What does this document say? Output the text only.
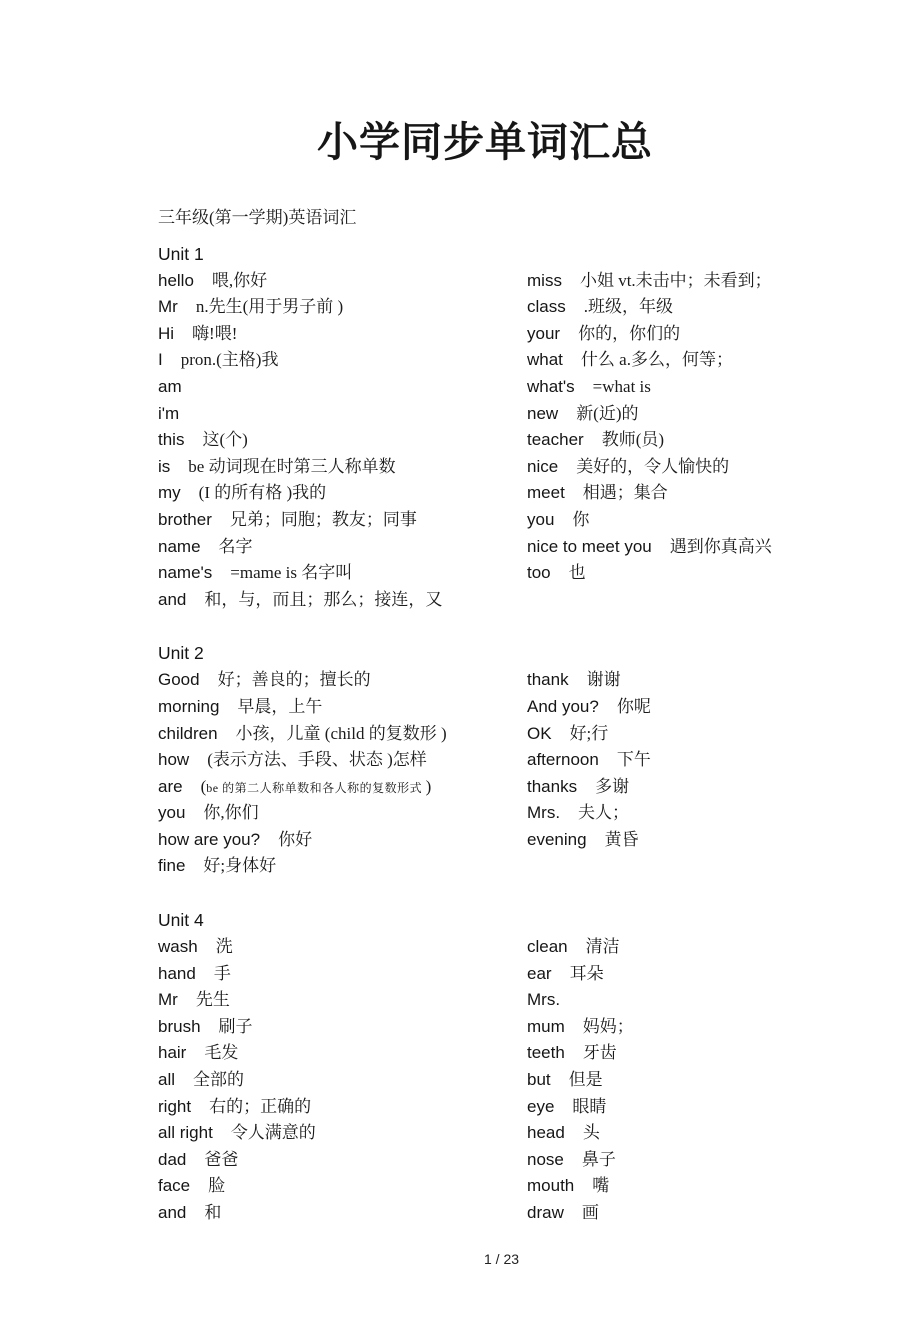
小学同步单词汇总
三年级(第一学期)英语词汇
Unit 1
hello 喂,你好
Mr n.先生(用于男子前 )
Hi 嗨!喂!
I pron.(主格)我
am
i'm
this 这(个)
is be 动词现在时第三人称单数
my (I 的所有格 )我的
brother 兄弟；同胞；教友；同事
name 名字
name's =mame is 名字叫
and 和，与，而且；那么；接连，又
miss 小姐 vt.未击中；未看到；
class .班级，年级
your 你的，你们的
what 什么 a.多么，何等；
what's =what is
new 新(近)的
teacher 教师(员)
nice 美好的，令人愉快的
meet 相遇；集合
you 你
nice to meet you 遇到你真高兴
too 也
Unit 2
Good 好；善良的；擅长的
morning 早晨，上午
children 小孩，儿童 (child 的复数形 )
how (表示方法、手段、状态 )怎样
are (be 的第二人称单数和各人称的复数形式 )
you 你,你们
how are you? 你好
fine 好;身体好
thank 谢谢
And you? 你呢
OK 好;行
afternoon 下午
thanks 多谢
Mrs. 夫人；
evening 黄昏
Unit 4
wash 洗
hand 手
Mr 先生
brush 刷子
hair 毛发
all 全部的
right 右的；正确的
all right 令人满意的
dad 爸爸
face 脸
and 和
clean 清洁
ear 耳朵
Mrs.
mum 妈妈；
teeth 牙齿
but 但是
eye 眼睛
head 头
nose 鼻子
mouth 嘴
draw 画
1 / 23
